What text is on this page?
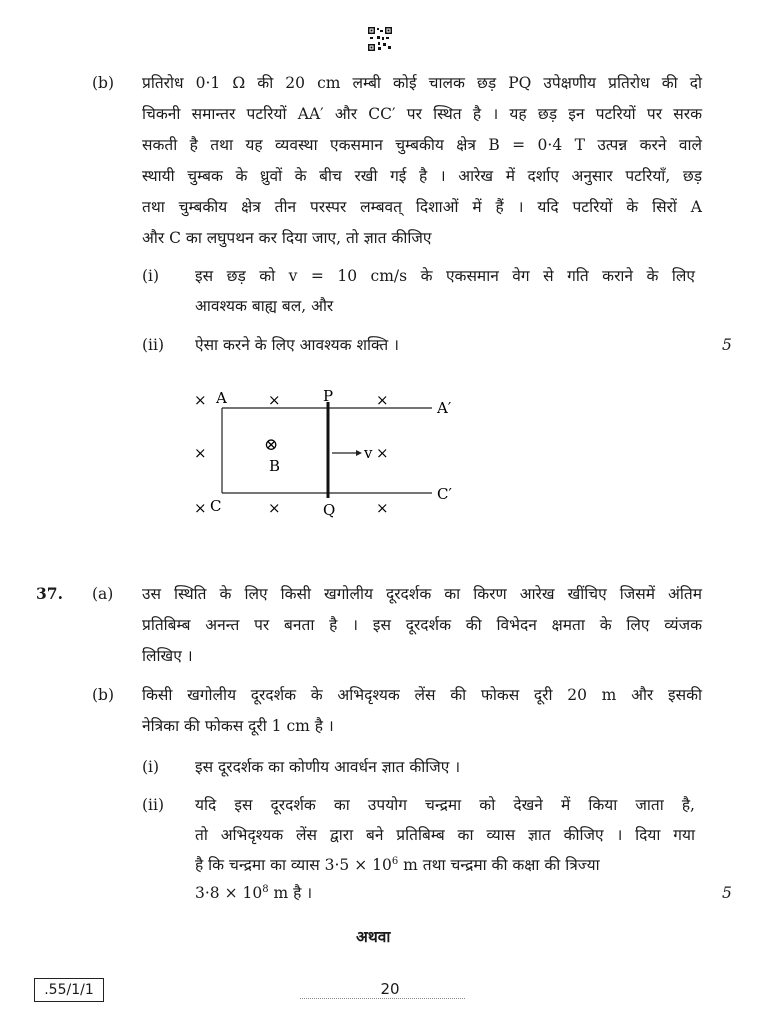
(b) प्रतिरोध 0·1 Ω की 20 cm लम्बी कोई चालक छड़ PQ उपेक्षणीय प्रतिरोध की दो
चिकनी समान्तर पटरियों AA′ और CC′ पर स्थित है । यह छड़ इन पटरियों पर सरक
सकती है तथा यह व्यवस्था एकसमान चुम्बकीय क्षेत्र B = 0·4 T उत्पन्न करने वाले
स्थायी चुम्बक के ध्रुवों के बीच रखी गई है । आरेख में दर्शाए अनुसार पटरियाँ, छड़
तथा चुम्बकीय क्षेत्र तीन परस्पर लम्बवत् दिशाओं में हैं । यदि पटरियों के सिरों A
और C का लघुपथन कर दिया जाए, तो ज्ञात कीजिए
(i) इस छड़ को v = 10 cm/s के एकसमान वेग से गति कराने के लिए
आवश्यक बाह्य बल, और
(ii) ऐसा करने के लिए आवश्यक शक्ति ।	5
× A	×	P	×	A′
×	⊗
B
v ×
× C	×	Q	×
C′
37. (a) उस स्थिति के लिए किसी खगोलीय दूरदर्शक का किरण आरेख खींचिए जिसमें अंतिम
प्रतिबिम्ब अनन्त पर बनता है । इस दूरदर्शक की विभेदन क्षमता के लिए व्यंजक
लिखिए ।
(b) किसी खगोलीय दूरदर्शक के अभिदृश्यक लेंस की फोकस दूरी 20 m और इसकी
नेत्रिका की फोकस दूरी 1 cm है ।
(i) इस दूरदर्शक का कोणीय आवर्धन ज्ञात कीजिए ।
(ii) यदि इस दूरदर्शक का उपयोग चन्द्रमा को देखने में किया जाता है,
तो अभिदृश्यक लेंस द्वारा बने प्रतिबिम्ब का व्यास ज्ञात कीजिए । दिया गया
है कि चन्द्रमा का व्यास $3\cdot 5 \times 10^6$ m तथा चन्द्रमा की कक्षा की त्रिज्या
$3\cdot 8 \times 10^8$ m है ।	5
अथवा
.55/1/1	20
